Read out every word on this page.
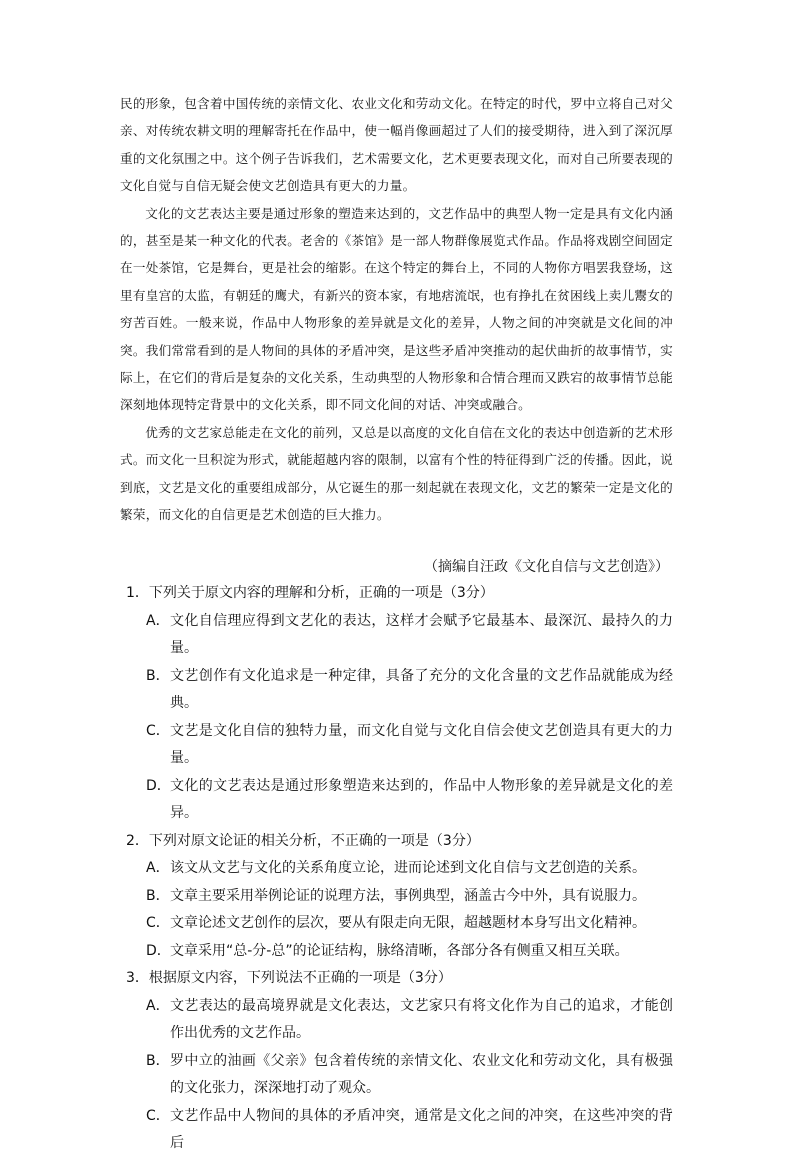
民的形象，包含着中国传统的亲情文化、农业文化和劳动文化。在特定的时代，罗中立将自己对父亲、对传统农耕文明的理解寄托在作品中，使一幅肖像画超过了人们的接受期待，进入到了深沉厚重的文化氛围之中。这个例子告诉我们，艺术需要文化，艺术更要表现文化，而对自己所要表现的文化自觉与自信无疑会使文艺创造具有更大的力量。

文化的文艺表达主要是通过形象的塑造来达到的，文艺作品中的典型人物一定是具有文化内涵的，甚至是某一种文化的代表。老舍的《茶馆》是一部人物群像展览式作品。作品将戏剧空间固定在一处茶馆，它是舞台，更是社会的缩影。在这个特定的舞台上，不同的人物你方唱罢我登场，这里有皇宫的太监，有朝廷的鹰犬，有新兴的资本家，有地痞流氓，也有挣扎在贫困线上卖儿鬻女的穷苦百姓。一般来说，作品中人物形象的差异就是文化的差异，人物之间的冲突就是文化间的冲突。我们常常看到的是人物间的具体的矛盾冲突，是这些矛盾冲突推动的起伏曲折的故事情节，实际上，在它们的背后是复杂的文化关系，生动典型的人物形象和合情合理而又跌宕的故事情节总能深刻地体现特定背景中的文化关系，即不同文化间的对话、冲突或融合。

优秀的文艺家总能走在文化的前列，又总是以高度的文化自信在文化的表达中创造新的艺术形式。而文化一旦积淀为形式，就能超越内容的限制，以富有个性的特征得到广泛的传播。因此，说到底，文艺是文化的重要组成部分，从它诞生的那一刻起就在表现文化，文艺的繁荣一定是文化的繁荣，而文化的自信更是艺术创造的巨大推力。

（摘编自汪政《文化自信与文艺创造》）

1．下列关于原文内容的理解和分析，正确的一项是（3分）

A． 文化自信理应得到文艺化的表达，这样才会赋予它最基本、最深沉、最持久的力量。
B． 文艺创作有文化追求是一种定律，具备了充分的文化含量的文艺作品就能成为经典。
C． 文艺是文化自信的独特力量，而文化自觉与文化自信会使文艺创造具有更大的力量。
D． 文化的文艺表达是通过形象塑造来达到的，作品中人物形象的差异就是文化的差异。

2．下列对原文论证的相关分析，不正确的一项是（3分）

A． 该文从文艺与文化的关系角度立论，进而论述到文化自信与文艺创造的关系。
B． 文章主要采用举例论证的说理方法，事例典型，涵盖古今中外，具有说服力。
C． 文章论述文艺创作的层次，要从有限走向无限，超越题材本身写出文化精神。
D． 文章采用“总-分-总”的论证结构，脉络清晰，各部分各有侧重又相互关联。

3．根据原文内容，下列说法不正确的一项是（3分）

A． 文艺表达的最高境界就是文化表达，文艺家只有将文化作为自己的追求，才能创作出优秀的文艺作品。
B． 罗中立的油画《父亲》包含着传统的亲情文化、农业文化和劳动文化，具有极强的文化张力，深深地打动了观众。
C． 文艺作品中人物间的具体的矛盾冲突，通常是文化之间的冲突，在这些冲突的背后
